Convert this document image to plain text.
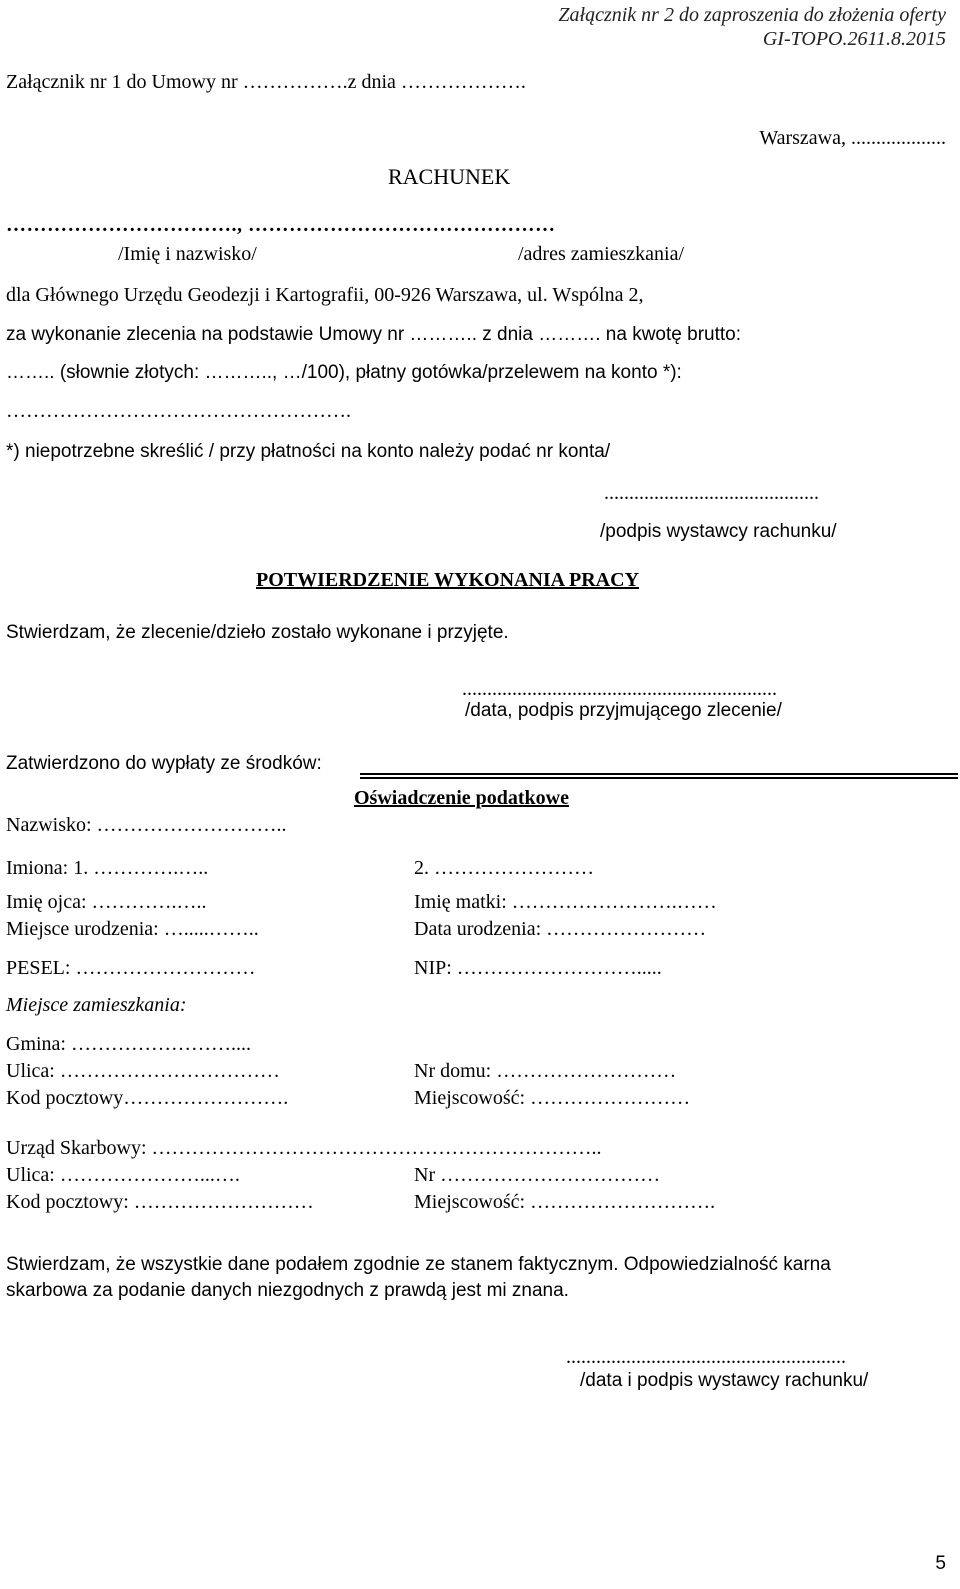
Załącznik nr 2 do zaproszenia do złożenia oferty
GI-TOPO.2611.8.2015
Załącznik nr 1 do Umowy nr …………….z dnia ……………….
Warszawa, ...................
RACHUNEK
……………………………., ………………………………………
/Imię i nazwisko/	/adres zamieszkania/
dla Głównego Urzędu Geodezji i Kartografii, 00-926 Warszawa, ul. Wspólna 2,
za wykonanie zlecenia na podstawie Umowy nr ……….. z dnia ………. na kwotę brutto:
…….. (słownie złotych: ……….., …/100), płatny gotówka/przelewem na konto *):
…………………………………………….
*) niepotrzebne skreślić / przy płatności na konto należy podać nr konta/
...........................................
/podpis wystawcy rachunku/
POTWIERDZENIE WYKONANIA PRACY
Stwierdzam, że zlecenie/dzieło zostało wykonane i przyjęte.
...............................................................
/data, podpis przyjmującego zlecenie/
Zatwierdzono do wypłaty ze środków:
Oświadczenie podatkowe
Nazwisko: ………………………..
Imiona: 1. ………….…..	2. ……………………
Imię ojca: ………….…..	Imię matki: …………………….……
Miejsce urodzenia: ….....……..	Data urodzenia: ……………………
PESEL: ………………………	NIP: ……………………….....
Miejsce zamieszkania:
Gmina: ……………………....
Ulica: ……………………………	Nr domu: ………………………
Kod pocztowy…………………….	Miejscowość: ……………………
Urząd Skarbowy: …………………………………………………………..
Ulica: …………………...….	Nr ……………………………
Kod pocztowy: ………………………	Miejscowość: ……………………….
Stwierdzam, że wszystkie dane podałem zgodnie ze stanem faktycznym. Odpowiedzialność karna
skarbowa za podanie danych niezgodnych z prawdą jest mi znana.
........................................................
/data i podpis wystawcy rachunku/
5
